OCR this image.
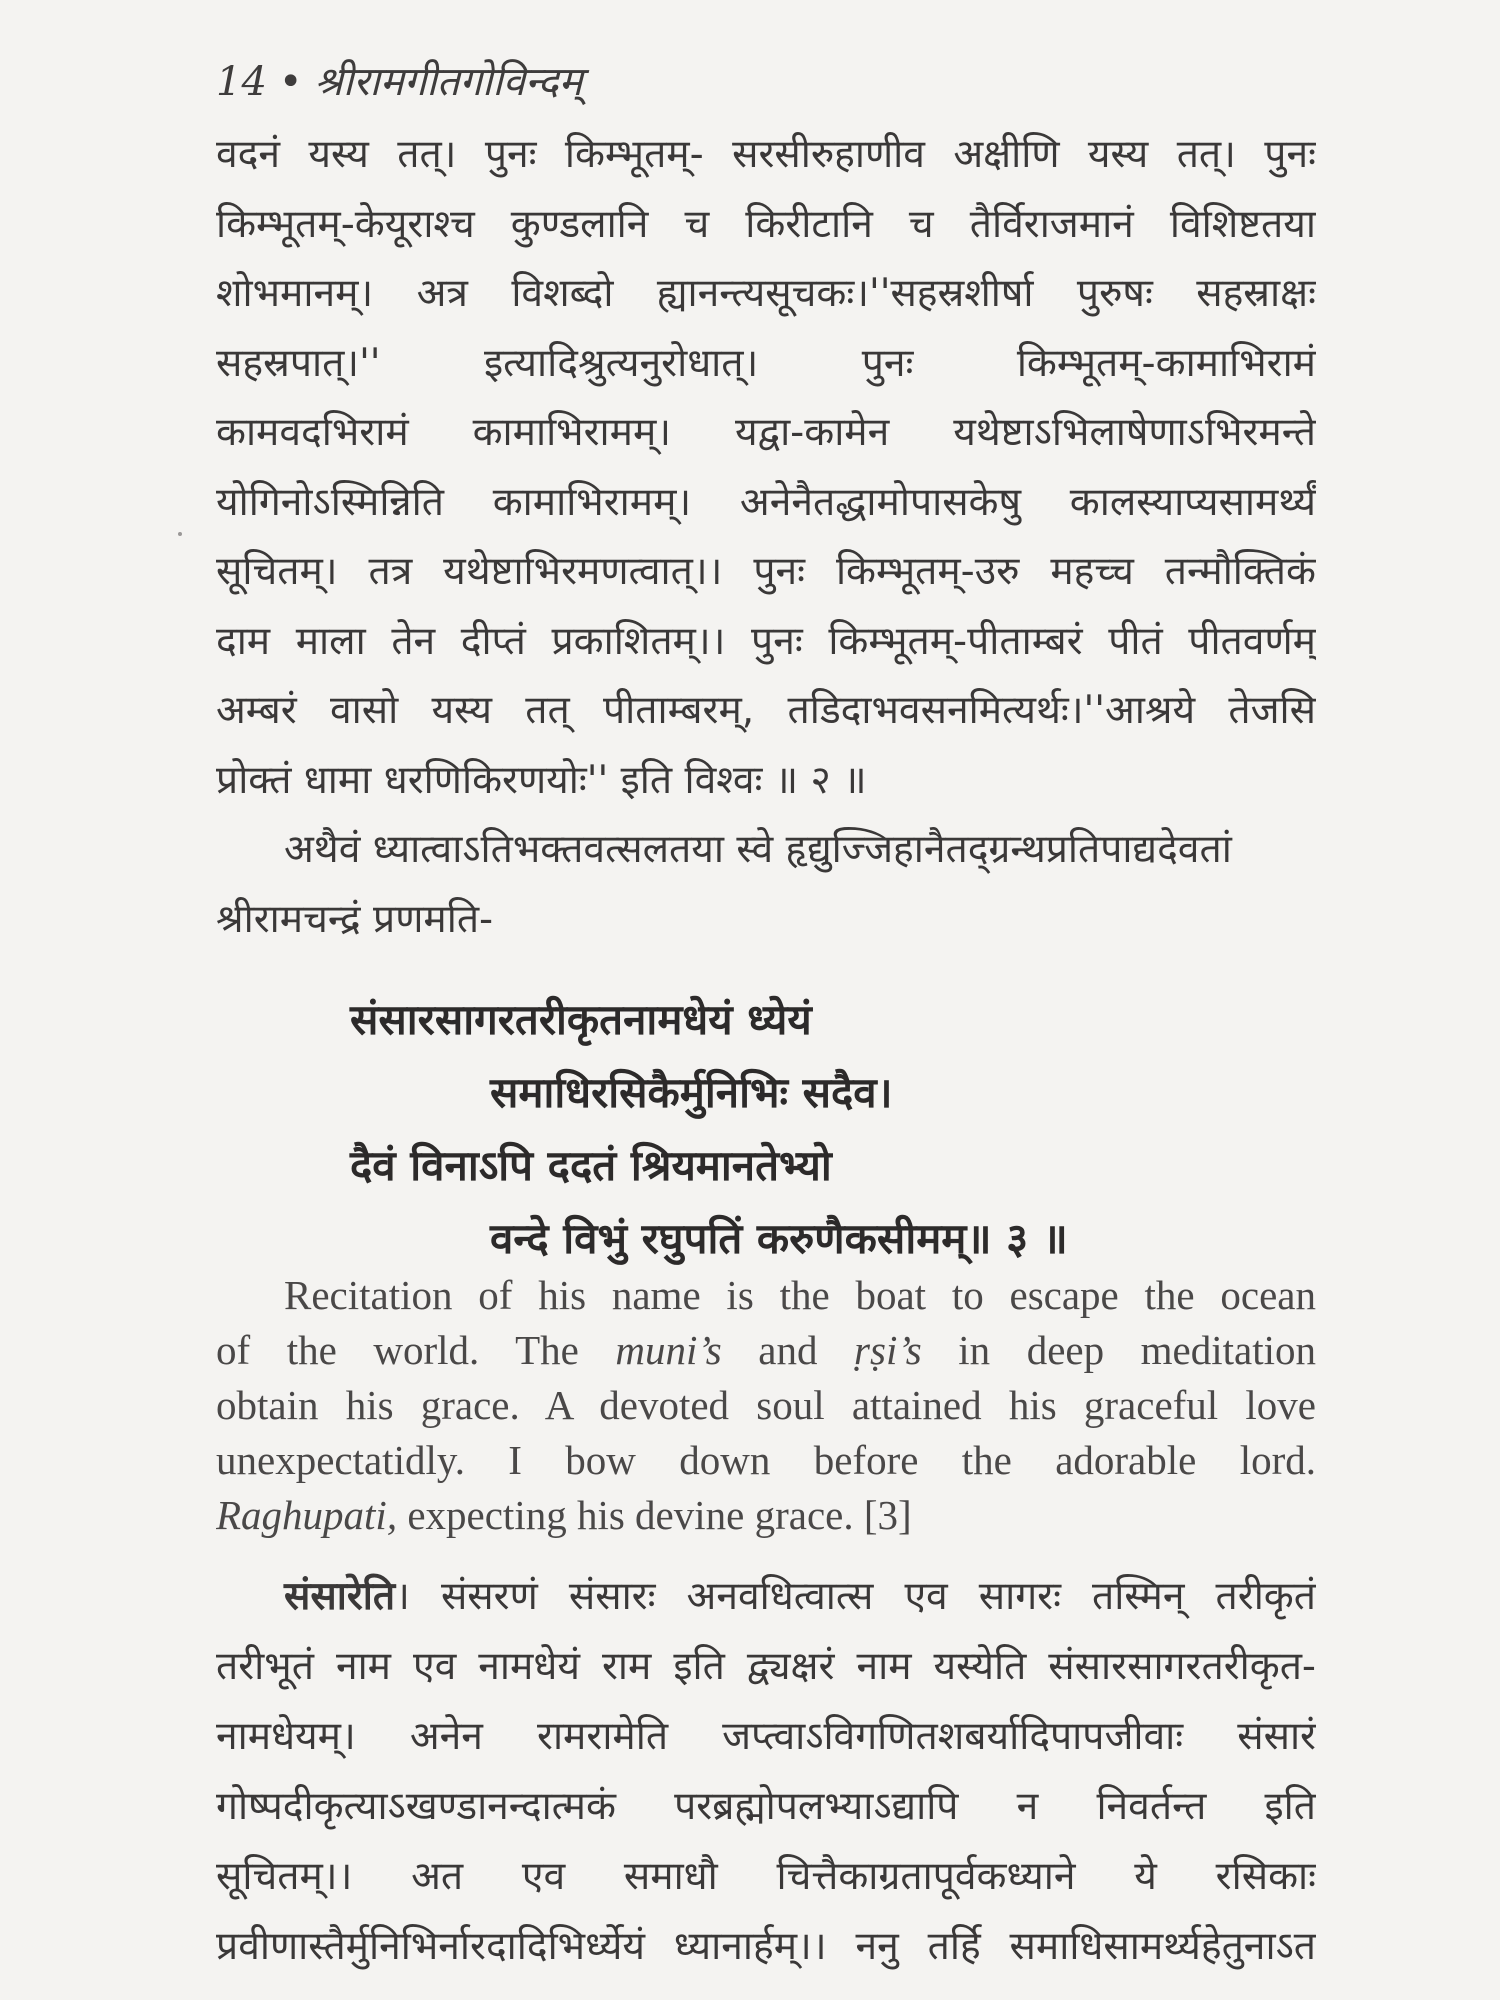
14 • श्रीरामगीतगोविन्दम्
वदनं यस्य तत्। पुनः किम्भूतम्- सरसीरुहाणीव अक्षीणि यस्य तत्। पुनः
किम्भूतम्-केयूराश्च कुण्डलानि च किरीटानि च तैर्विराजमानं विशिष्टतया
शोभमानम्। अत्र विशब्दो ह्यानन्त्यसूचकः।''सहस्रशीर्षा पुरुषः सहस्राक्षः
सहस्रपात्।'' इत्यादिश्रुत्यनुरोधात्। पुनः किम्भूतम्-कामाभिरामं
कामवदभिरामं कामाभिरामम्। यद्वा-कामेन यथेष्टाऽभिलाषेणाऽभिरमन्ते
योगिनोऽस्मिन्निति कामाभिरामम्। अनेनैतद्धामोपासकेषु कालस्याप्यसामर्थ्यं
सूचितम्। तत्र यथेष्टाभिरमणत्वात्।। पुनः किम्भूतम्-उरु महच्च तन्मौक्तिकं
दाम माला तेन दीप्तं प्रकाशितम्।। पुनः किम्भूतम्-पीताम्बरं पीतं पीतवर्णम्
अम्बरं वासो यस्य तत् पीताम्बरम्, तडिदाभवसनमित्यर्थः।''आश्रये तेजसि
प्रोक्तं धामा धरणिकिरणयोः'' इति विश्वः ॥ २ ॥
अथैवं ध्यात्वाऽतिभक्तवत्सलतया स्वे हृद्युज्जिहानैतद्ग्रन्थप्रतिपाद्यदेवतां
श्रीरामचन्द्रं प्रणमति-
संसारसागरतरीकृतनामधेयं ध्येयं
समाधिरसिकैर्मुनिभिः सदैव।
दैवं विनाऽपि ददतं श्रियमानतेभ्यो
वन्दे विभुं रघुपतिं करुणैकसीमम्॥ ३ ॥
Recitation of his name is the boat to escape the ocean
of the world. The muni’s and ṛṣi’s in deep meditation
obtain his grace. A devoted soul attained his graceful love
unexpectatidly. I bow down before the adorable lord.
Raghupati, expecting his devine grace. [3]
संसारेति। संसरणं संसारः अनवधित्वात्स एव सागरः तस्मिन् तरीकृतं
तरीभूतं नाम एव नामधेयं राम इति द्व्यक्षरं नाम यस्येति संसारसागरतरीकृत-
नामधेयम्। अनेन रामरामेति जप्त्वाऽविगणितशबर्यादिपापजीवाः संसारं
गोष्पदीकृत्याऽखण्डानन्दात्मकं परब्रह्मोपलभ्याऽद्यापि न निवर्तन्त इति
सूचितम्।। अत एव समाधौ चित्तैकाग्रतापूर्वकध्याने ये रसिकाः
प्रवीणास्तैर्मुनिभिर्नारदादिभिर्ध्येयं ध्यानार्हम्।। ननु तर्हि समाधिसामर्थ्यहेतुनाऽत
